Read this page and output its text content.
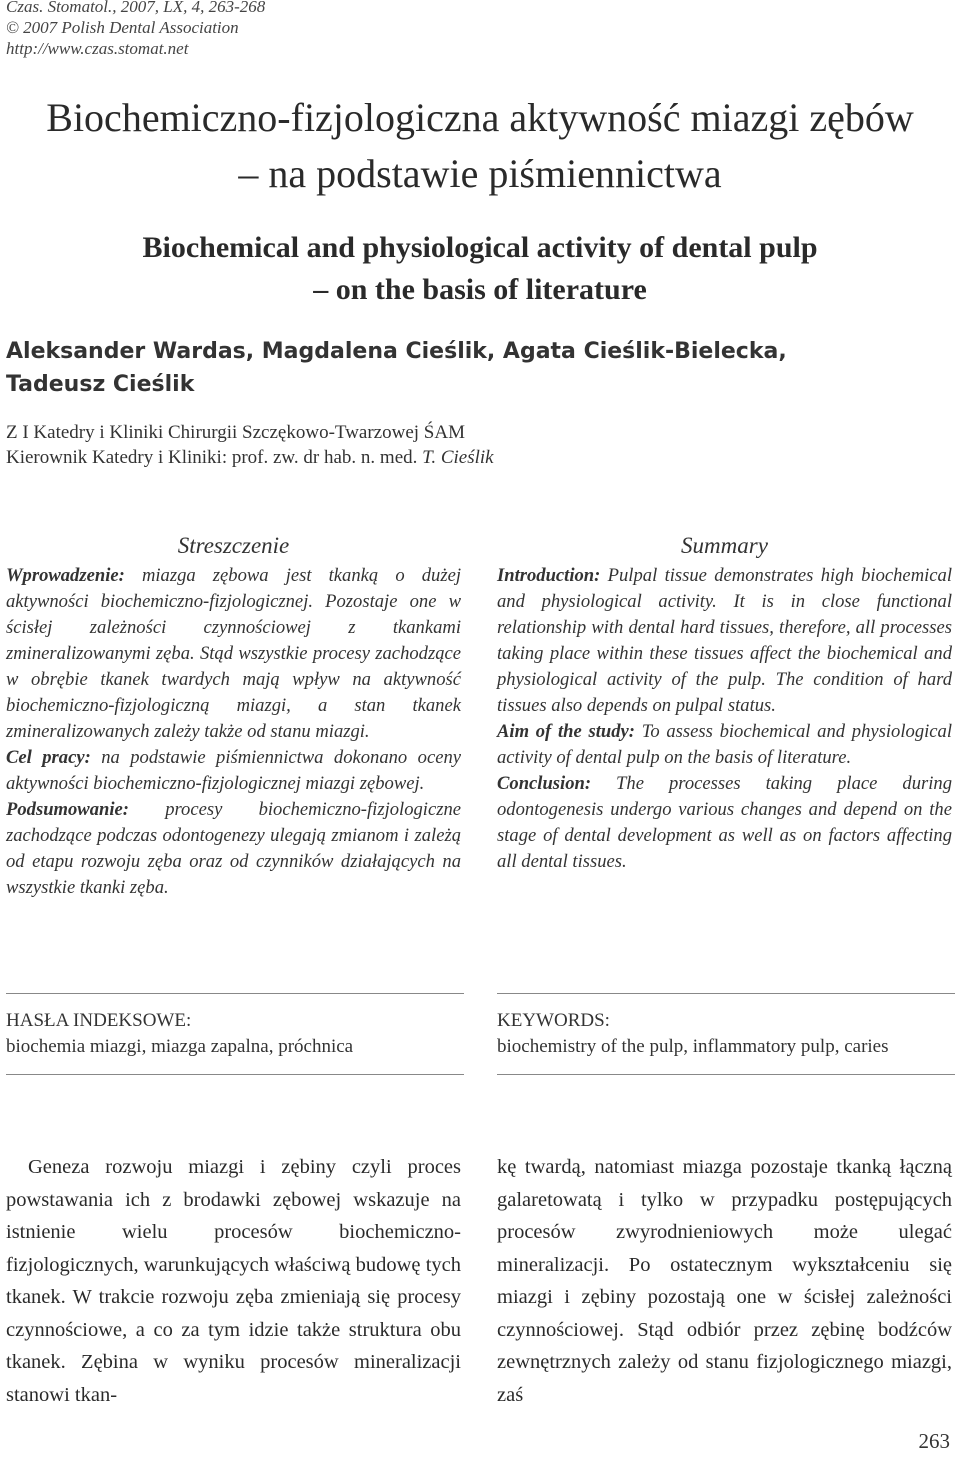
Czas. Stomatol., 2007, LX, 4, 263-268
© 2007 Polish Dental Association
http://www.czas.stomat.net
Biochemiczno-fizjologiczna aktywność miazgi zębów
– na podstawie piśmiennictwa
Biochemical and physiological activity of dental pulp
– on the basis of literature
Aleksander Wardas, Magdalena Cieślik, Agata Cieślik-Bielecka,
Tadeusz Cieślik
Z I Katedry i Kliniki Chirurgii Szczękowo-Twarzowej ŚAM
Kierownik Katedry i Kliniki: prof. zw. dr hab. n. med. T. Cieślik
Streszczenie

Wprowadzenie: miazga zębowa jest tkanką o dużej aktywności biochemiczno-fizjologicznej. Pozostaje one w ścisłej zależności czynnościowej z tkankami zmineralizowanymi zęba. Stąd wszystkie procesy zachodzące w obrębie tkanek twardych mają wpływ na aktywność biochemiczno-fizjologiczną miazgi, a stan tkanek zmineralizowanych zależy także od stanu miazgi.

Cel pracy: na podstawie piśmiennictwa dokonano oceny aktywności biochemiczno-fizjologicznej miazgi zębowej.

Podsumowanie: procesy biochemiczno-fizjologiczne zachodzące podczas odontogenezy ulegają zmianom i zależą od etapu rozwoju zęba oraz od czynników działających na wszystkie tkanki zęba.

Summary

Introduction: Pulpal tissue demonstrates high biochemical and physiological activity. It is in close functional relationship with dental hard tissues, therefore, all processes taking place within these tissues affect the biochemical and physiological activity of the pulp. The condition of hard tissues also depends on pulpal status.

Aim of the study: To assess biochemical and physiological activity of dental pulp on the basis of literature.

Conclusion: The processes taking place during odontogenesis undergo various changes and depend on the stage of dental development as well as on factors affecting all dental tissues.

HASŁA INDEKSOWE:
biochemia miazgi, miazga zapalna, próchnica
KEYWORDS:
biochemistry of the pulp, inflammatory pulp, caries
Geneza rozwoju miazgi i zębiny czyli proces powstawania ich z brodawki zębowej wskazuje na istnienie wielu procesów biochemiczno-fizjologicznych, warunkujących właściwą budowę tych tkanek. W trakcie rozwoju zęba zmieniają się procesy czynnościowe, a co za tym idzie także struktura obu tkanek. Zębina w wyniku procesów mineralizacji stanowi tkan-
kę twardą, natomiast miazga pozostaje tkanką łączną galaretowatą i tylko w przypadku postępujących procesów zwyrodnieniowych może ulegać mineralizacji. Po ostatecznym wykształceniu się miazgi i zębiny pozostają one w ścisłej zależności czynnościowej. Stąd odbiór przez zębinę bodźców zewnętrznych zależy od stanu fizjologicznego miazgi, zaś
263
